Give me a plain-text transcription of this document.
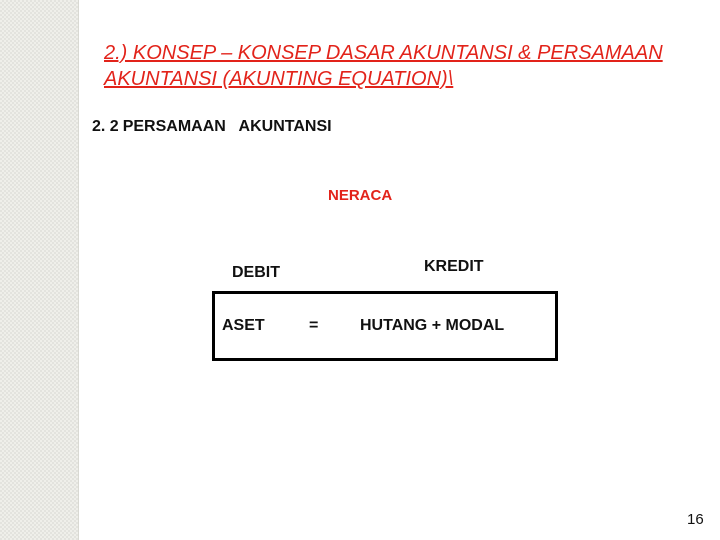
2.) KONSEP – KONSEP DASAR AKUNTANSI & PERSAMAAN AKUNTANSI (AKUNTING EQUATION)\

2. 2 PERSAMAAN   AKUNTANSI

NERACA
DEBIT	KREDIT
ASET	=	HUTANG + MODAL
16
